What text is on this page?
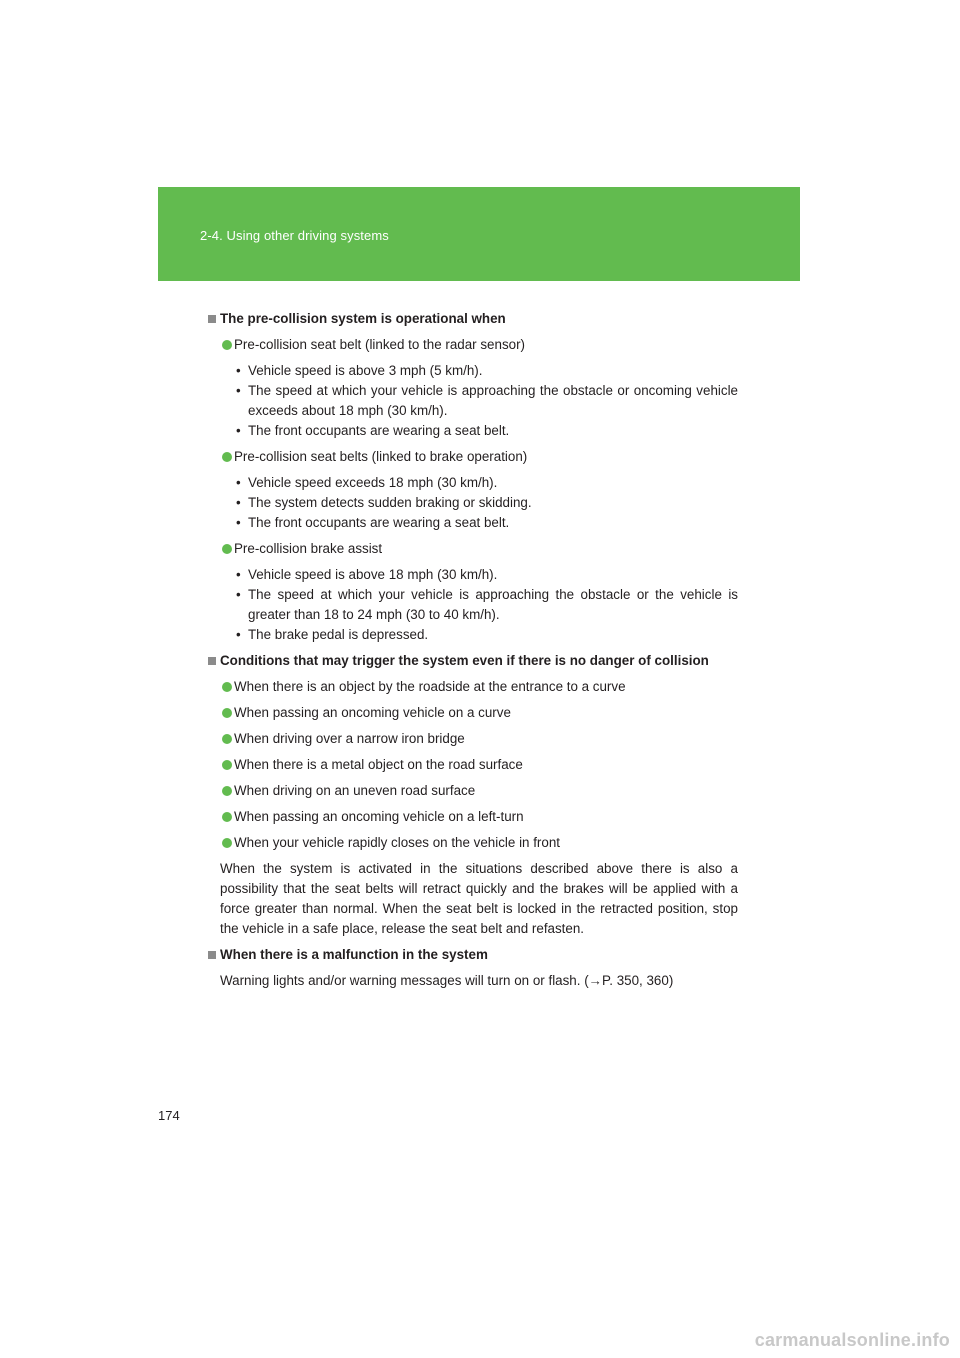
2-4. Using other driving systems
The pre-collision system is operational when
Pre-collision seat belt (linked to the radar sensor)
• Vehicle speed is above 3 mph (5 km/h).
• The speed at which your vehicle is approaching the obstacle or oncoming vehicle exceeds about 18 mph (30 km/h).
• The front occupants are wearing a seat belt.
Pre-collision seat belts (linked to brake operation)
• Vehicle speed exceeds 18 mph (30 km/h).
• The system detects sudden braking or skidding.
• The front occupants are wearing a seat belt.
Pre-collision brake assist
• Vehicle speed is above 18 mph (30 km/h).
• The speed at which your vehicle is approaching the obstacle or the vehicle is greater than 18 to 24 mph (30 to 40 km/h).
• The brake pedal is depressed.
Conditions that may trigger the system even if there is no danger of collision
When there is an object by the roadside at the entrance to a curve
When passing an oncoming vehicle on a curve
When driving over a narrow iron bridge
When there is a metal object on the road surface
When driving on an uneven road surface
When passing an oncoming vehicle on a left-turn
When your vehicle rapidly closes on the vehicle in front
When the system is activated in the situations described above there is also a possibility that the seat belts will retract quickly and the brakes will be applied with a force greater than normal. When the seat belt is locked in the retracted position, stop the vehicle in a safe place, release the seat belt and refasten.
When there is a malfunction in the system
Warning lights and/or warning messages will turn on or flash. (→P. 350, 360)
174
carmanualsonline.info
